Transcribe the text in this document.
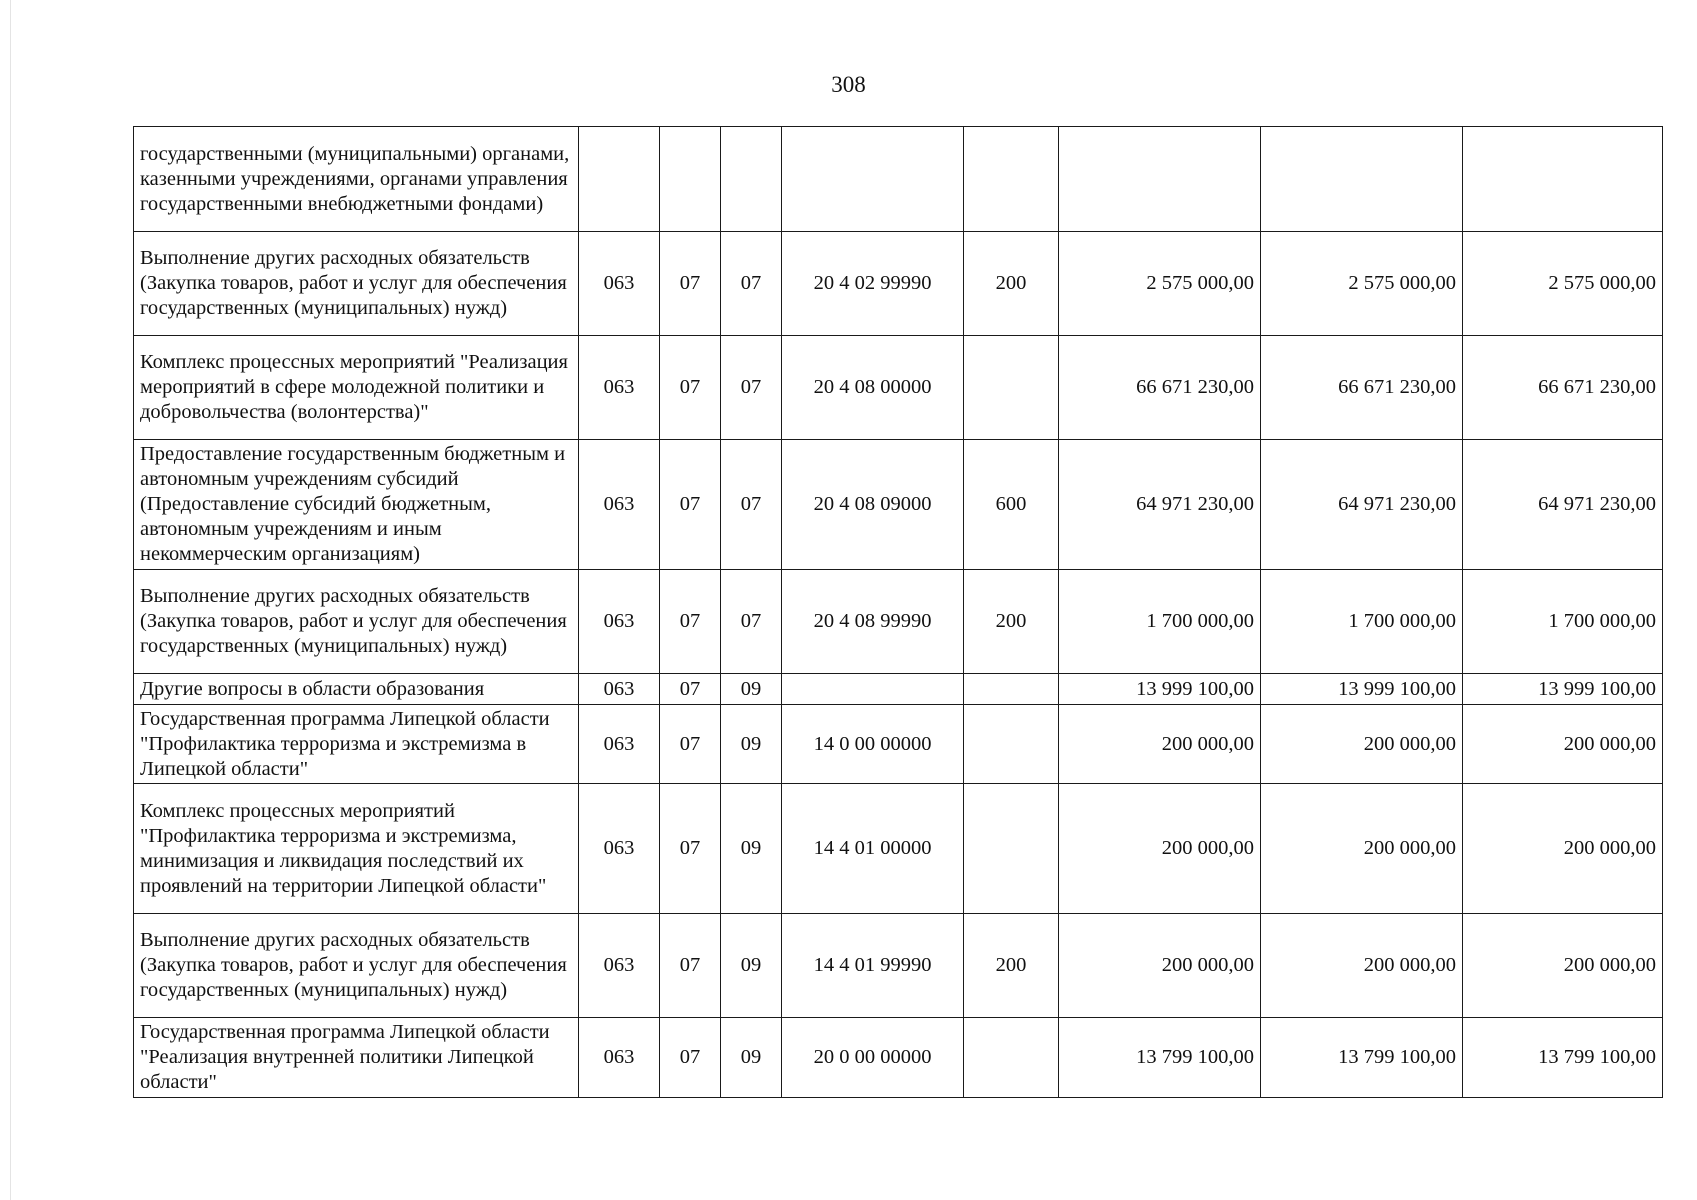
308
государственными (муниципальными) органами, казенными учреждениями, органами управления государственными внебюджетными фондами)								
Выполнение других расходных обязательств (Закупка товаров, работ и услуг для обеспечения государственных (муниципальных) нужд)	063	07	07	20 4 02 99990	200	2 575 000,00	2 575 000,00	2 575 000,00
Комплекс процессных мероприятий "Реализация мероприятий в сфере молодежной политики и добровольчества (волонтерства)"	063	07	07	20 4 08 00000		66 671 230,00	66 671 230,00	66 671 230,00
Предоставление государственным бюджетным и автономным учреждениям субсидий (Предоставление субсидий бюджетным, автономным учреждениям и иным некоммерческим организациям)	063	07	07	20 4 08 09000	600	64 971 230,00	64 971 230,00	64 971 230,00
Выполнение других расходных обязательств (Закупка товаров, работ и услуг для обеспечения государственных (муниципальных) нужд)	063	07	07	20 4 08 99990	200	1 700 000,00	1 700 000,00	1 700 000,00
Другие вопросы в области образования	063	07	09			13 999 100,00	13 999 100,00	13 999 100,00
Государственная программа Липецкой области "Профилактика терроризма и экстремизма в Липецкой области"	063	07	09	14 0 00 00000		200 000,00	200 000,00	200 000,00
Комплекс процессных мероприятий "Профилактика терроризма и экстремизма, минимизация и ликвидация последствий их проявлений на территории Липецкой области"	063	07	09	14 4 01 00000		200 000,00	200 000,00	200 000,00
Выполнение других расходных обязательств (Закупка товаров, работ и услуг для обеспечения государственных (муниципальных) нужд)	063	07	09	14 4 01 99990	200	200 000,00	200 000,00	200 000,00
Государственная программа Липецкой области "Реализация внутренней политики Липецкой области"	063	07	09	20 0 00 00000		13 799 100,00	13 799 100,00	13 799 100,00
